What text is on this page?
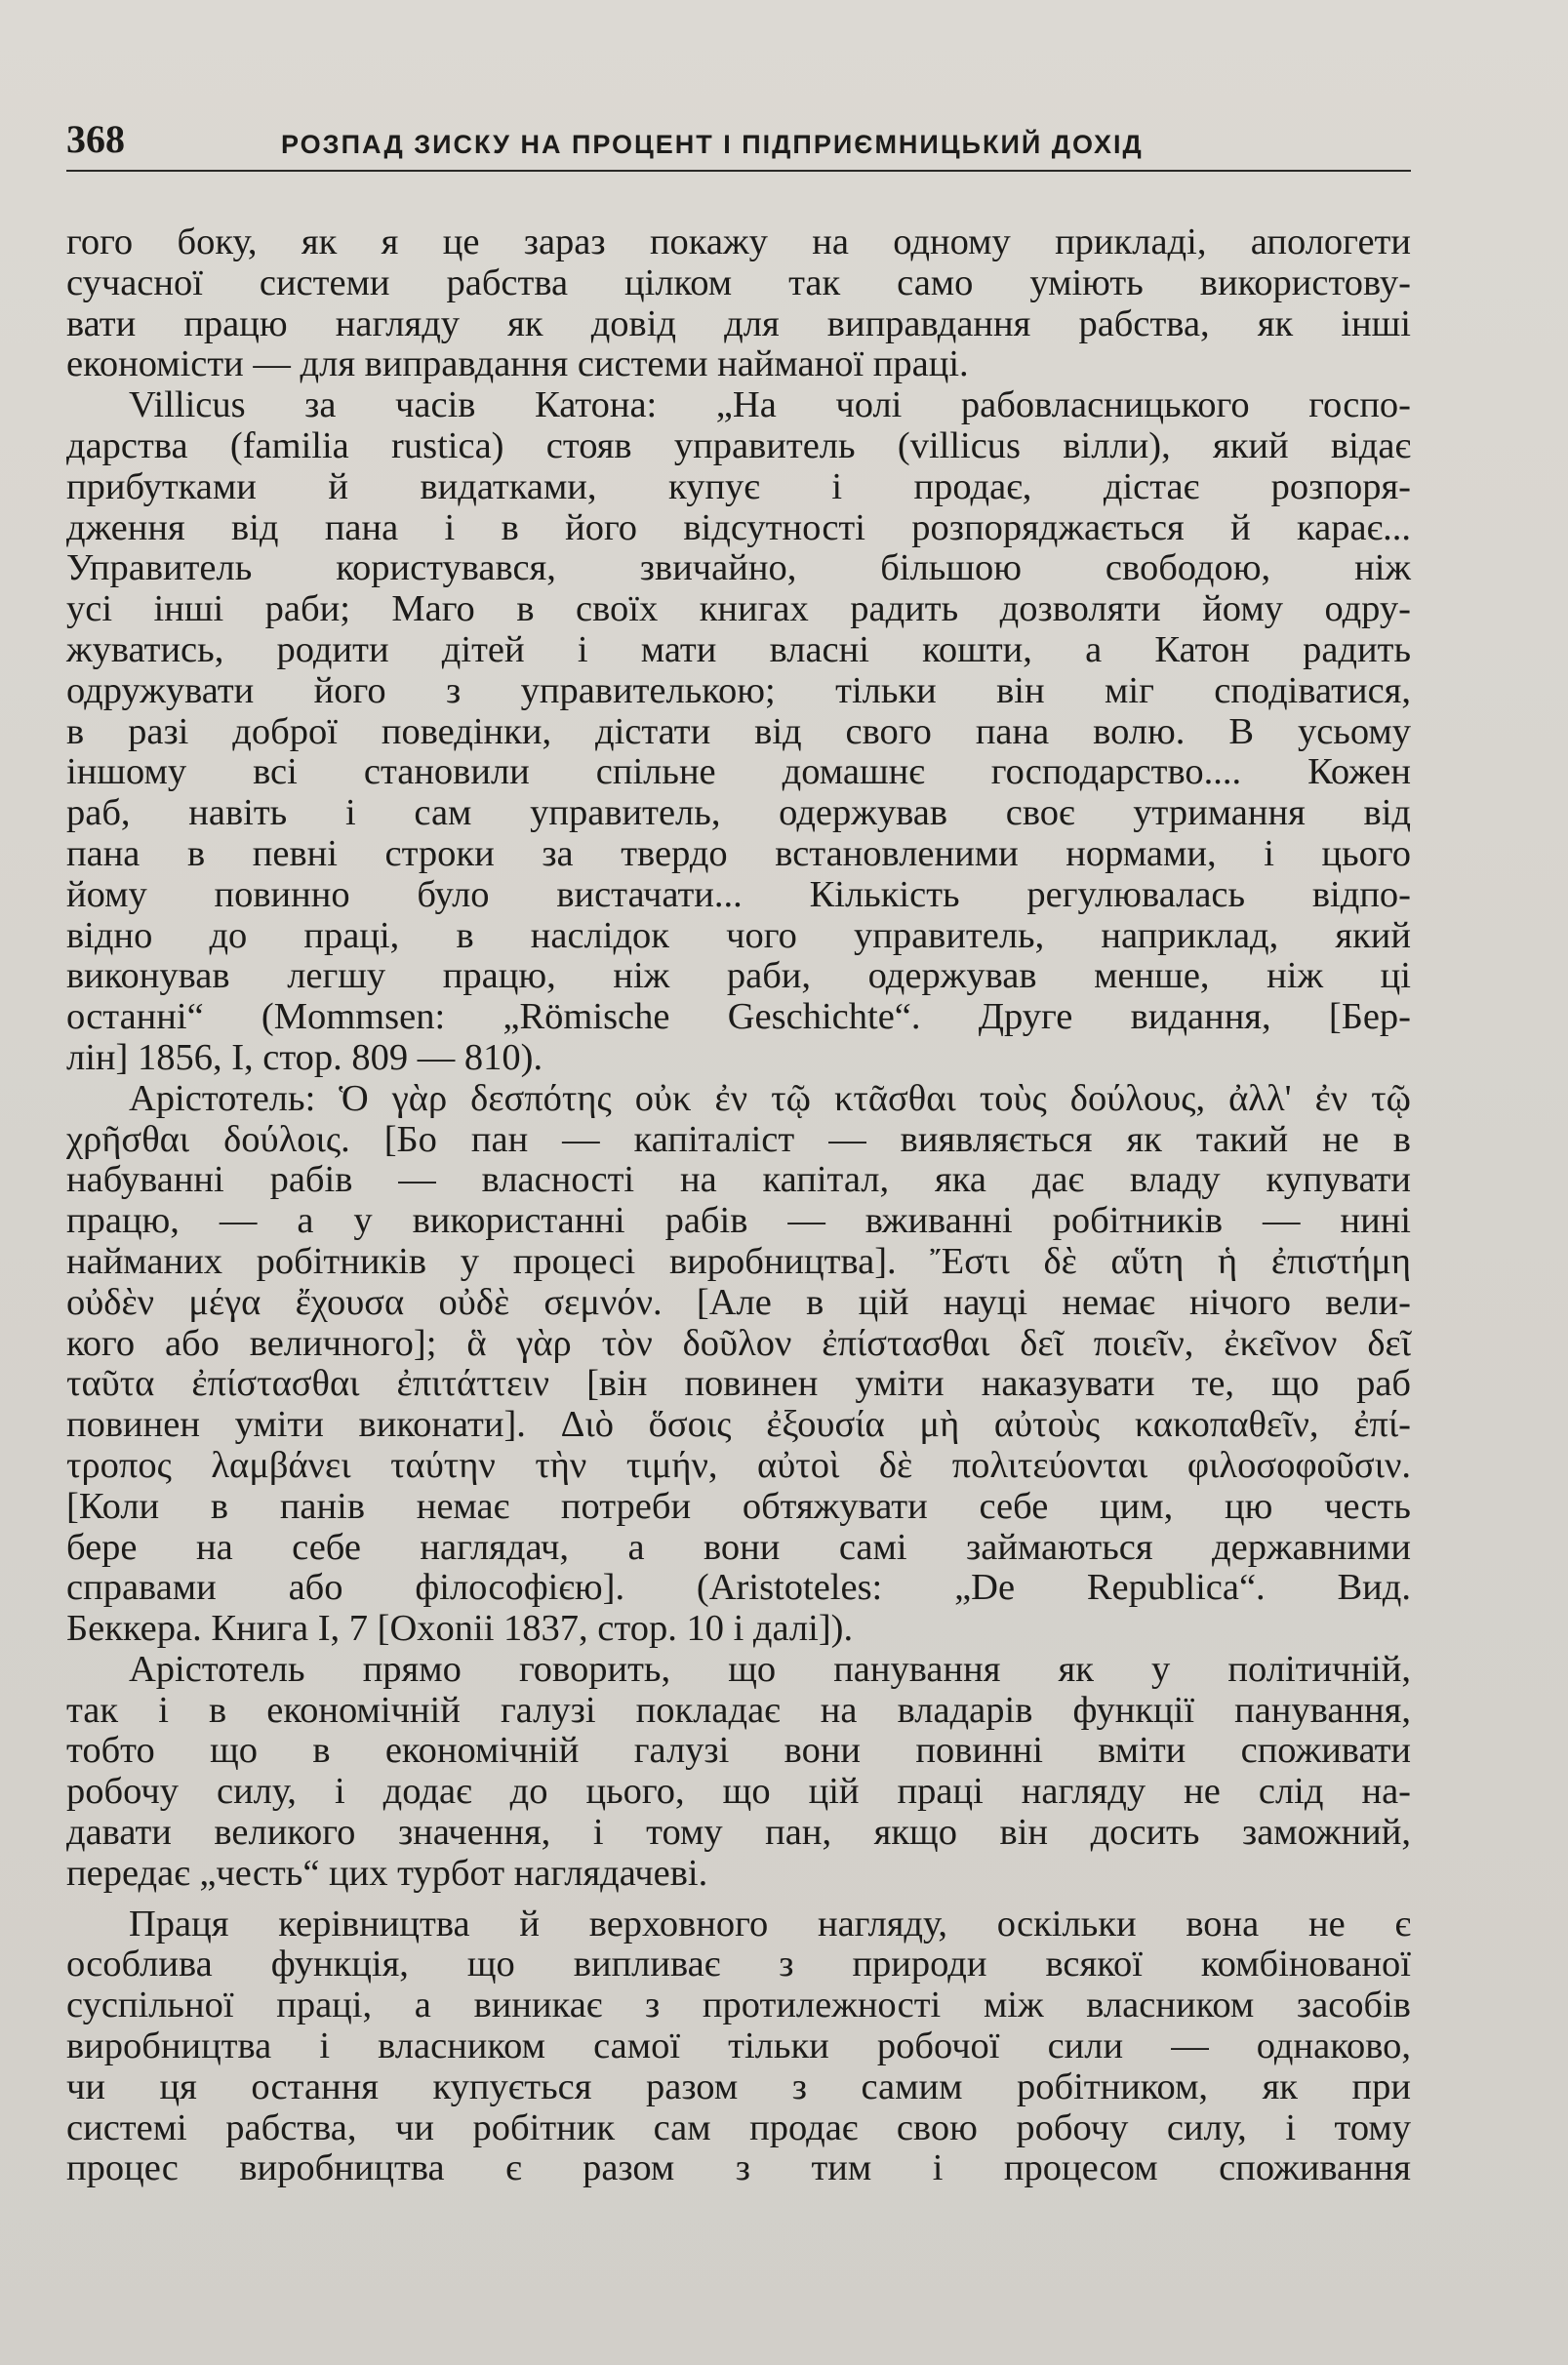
368	РОЗПАД ЗИСКУ НА ПРОЦЕНТ І ПІДПРИЄМНИЦЬКИЙ ДОХІД
гого боку, як я це зараз покажу на одному прикладі, апологети
сучасної системи рабства цілком так само уміють використову-
вати працю нагляду як довід для виправдання рабства, як інші
економісти — для виправдання системи найманої праці.
Villicus за часів Катона: „На чолі рабовласницького госпо-
дарства (familia rustica) стояв управитель (villicus вілли), який відає
прибутками й видатками, купує і продає, дістає розпоря-
дження від пана і в його відсутності розпоряджається й карає...
Управитель користувався, звичайно, більшою свободою, ніж
усі інші раби; Маго в своїх книгах радить дозволяти йому одру-
жуватись, родити дітей і мати власні кошти, а Катон радить
одружувати його з управителькою; тільки він міг сподіватися,
в разі доброї поведінки, дістати від свого пана волю. В усьому
іншому всі становили спільне домашнє господарство.... Кожен
раб, навіть і сам управитель, одержував своє утримання від
пана в певні строки за твердо встановленими нормами, і цього
йому повинно було вистачати... Кількість регулювалась відпо-
відно до праці, в наслідок чого управитель, наприклад, який
виконував легшу працю, ніж раби, одержував менше, ніж ці
останні“ (Mommsen: „Römische Geschichte“. Друге видання, [Бер-
лін] 1856, I, стор. 809 — 810).
Арістотель: Ὁ γὰρ δεσπότης οὐκ ἐν τῷ κτᾶσθαι τοὺς δούλους, ἀλλ' ἐν τῷ
χρῆσθαι δούλοις. [Бо пан — капіталіст — виявляється як такий не в
набуванні рабів — власності на капітал, яка дає владу купувати
працю, — а у використанні рабів — вживанні робітників — нині
найманих робітників у процесі виробництва]. Ἔστι δὲ αὕτη ἡ ἐπιστήμη
οὐδὲν μέγα ἔχουσα οὐδὲ σεμνόν. [Але в цій науці немає нічого вели-
кого або величного]; ἃ γὰρ τὸν δοῦλον ἐπίστασθαι δεῖ ποιεῖν, ἐκεῖνον δεῖ
ταῦτα ἐπίστασθαι ἐπιτάττειν [він повинен уміти наказувати те, що раб
повинен уміти виконати]. Διὸ ὅσοις ἐξουσία μὴ αὐτοὺς κακοπαθεῖν, ἐπί-
τροπος λαμβάνει ταύτην τὴν τιμήν, αὐτοὶ δὲ πολιτεύονται φιλοσοφοῦσιν.
[Коли в панів немає потреби обтяжувати себе цим, цю честь
бере на себе наглядач, а вони самі займаються державними
справами або філософією]. (Aristoteles: „De Republica“. Вид.
Беккера. Книга I, 7 [Oxonii 1837, стор. 10 і далі]).
Арістотель прямо говорить, що панування як у політичній,
так і в економічній галузі покладає на владарів функції панування,
тобто що в економічній галузі вони повинні вміти споживати
робочу силу, і додає до цього, що цій праці нагляду не слід на-
давати великого значення, і тому пан, якщо він досить заможний,
передає „честь“ цих турбот наглядачеві.
Праця керівництва й верховного нагляду, оскільки вона не є
особлива функція, що випливає з природи всякої комбінованої
суспільної праці, а виникає з протилежності між власником засобів
виробництва і власником самої тільки робочої сили — однаково,
чи ця остання купується разом з самим робітником, як при
системі рабства, чи робітник сам продає свою робочу силу, і тому
процес виробництва є разом з тим і процесом споживання
